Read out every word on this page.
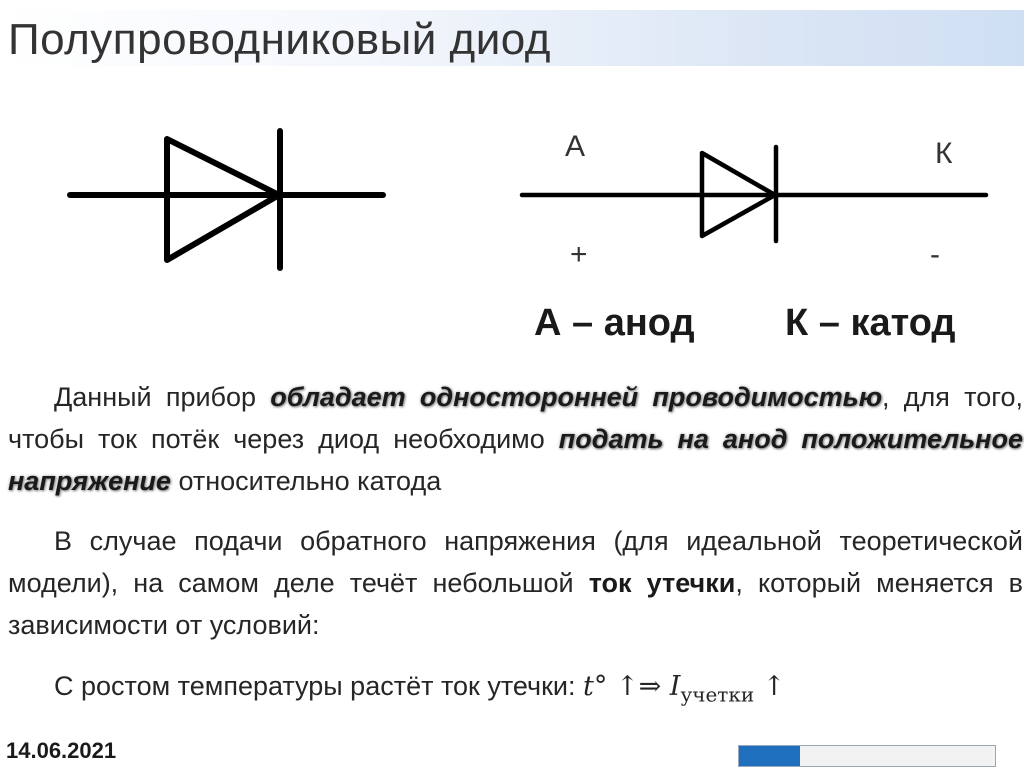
Полупроводниковый диод
А	К
+	-
А – анод К – катод

Данный прибор обладает односторонней проводимостью, для того, чтобы ток потёк через диод необходимо подать на анод положительное напряжение относительно катода

В случае подачи обратного напряжения (для идеальной теоретической модели), на самом деле течёт небольшой ток утечки, который меняется в зависимости от условий:

С ростом температуры растёт ток утечки: t° ↑⇒ $I_{учетки}$ ↑

14.06.2021
